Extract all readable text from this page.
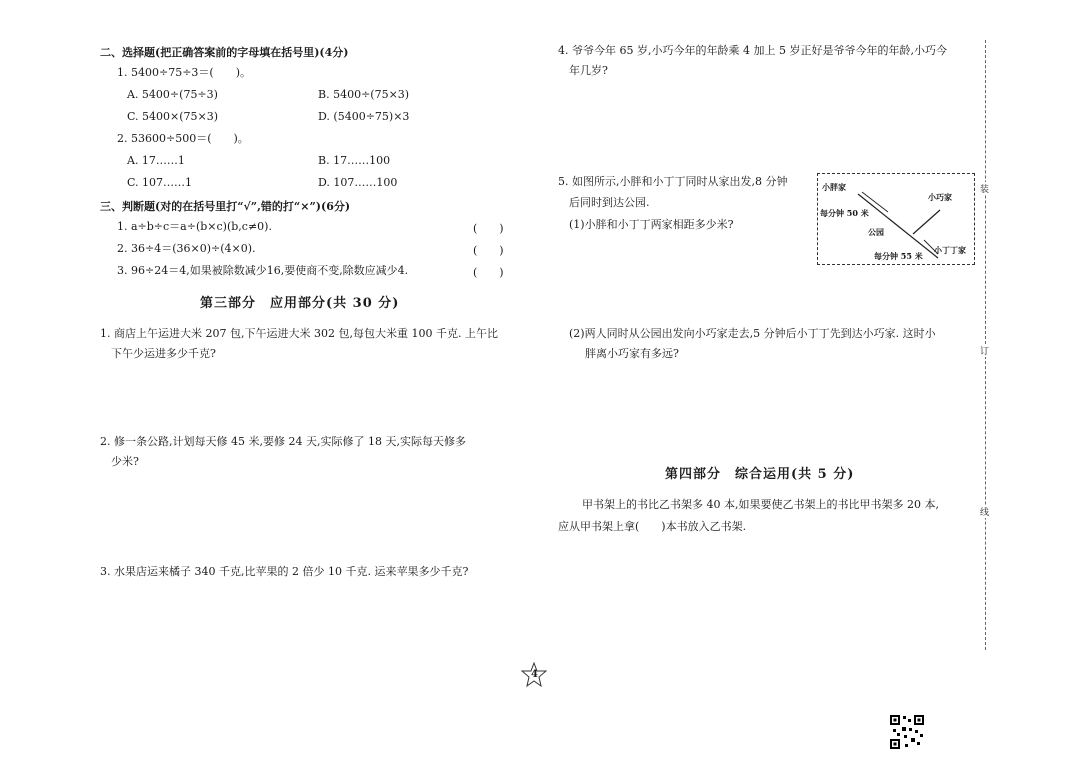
二、选择题(把正确答案前的字母填在括号里)(4分)
1. 5400÷75÷3＝(　　)。
A. 5400÷(75÷3)	B. 5400÷(75×3)
C. 5400×(75×3)	D. (5400÷75)×3
2. 53600÷500＝(　　)。
A. 17……1	B. 17……100
C. 107……1	D. 107……100
三、判断题(对的在括号里打“√”,错的打“×”)(6分)
1. a÷b÷c＝a÷(b×c)(b,c≠0).	(　　)
2. 36÷4＝(36×0)÷(4×0).	(　　)
3. 96÷24＝4,如果被除数减少16,要使商不变,除数应减少4.	(　　)
第三部分　应用部分(共 30 分)
1. 商店上午运进大米 207 包,下午运进大米 302 包,每包大米重 100 千克. 上午比
下午少运进多少千克?
2. 修一条公路,计划每天修 45 米,要修 24 天,实际修了 18 天,实际每天修多
少米?
3. 水果店运来橘子 340 千克,比苹果的 2 倍少 10 千克. 运来苹果多少千克?
4. 爷爷今年 65 岁,小巧今年的年龄乘 4 加上 5 岁正好是爷爷今年的年龄,小巧今
年几岁?
5. 如图所示,小胖和小丁丁同时从家出发,8 分钟
后同时到达公园.
(1)小胖和小丁丁两家相距多少米?
小胖家
小巧家
每分钟 50 米
公园
小丁丁家
每分钟 55 米
(2)两人同时从公园出发向小巧家走去,5 分钟后小丁丁先到达小巧家. 这时小
胖离小巧家有多远?
第四部分　综合运用(共 5 分)
甲书架上的书比乙书架多 40 本,如果要使乙书架上的书比甲书架多 20 本,
应从甲书架上拿(　　)本书放入乙书架.
装
订
线
4
